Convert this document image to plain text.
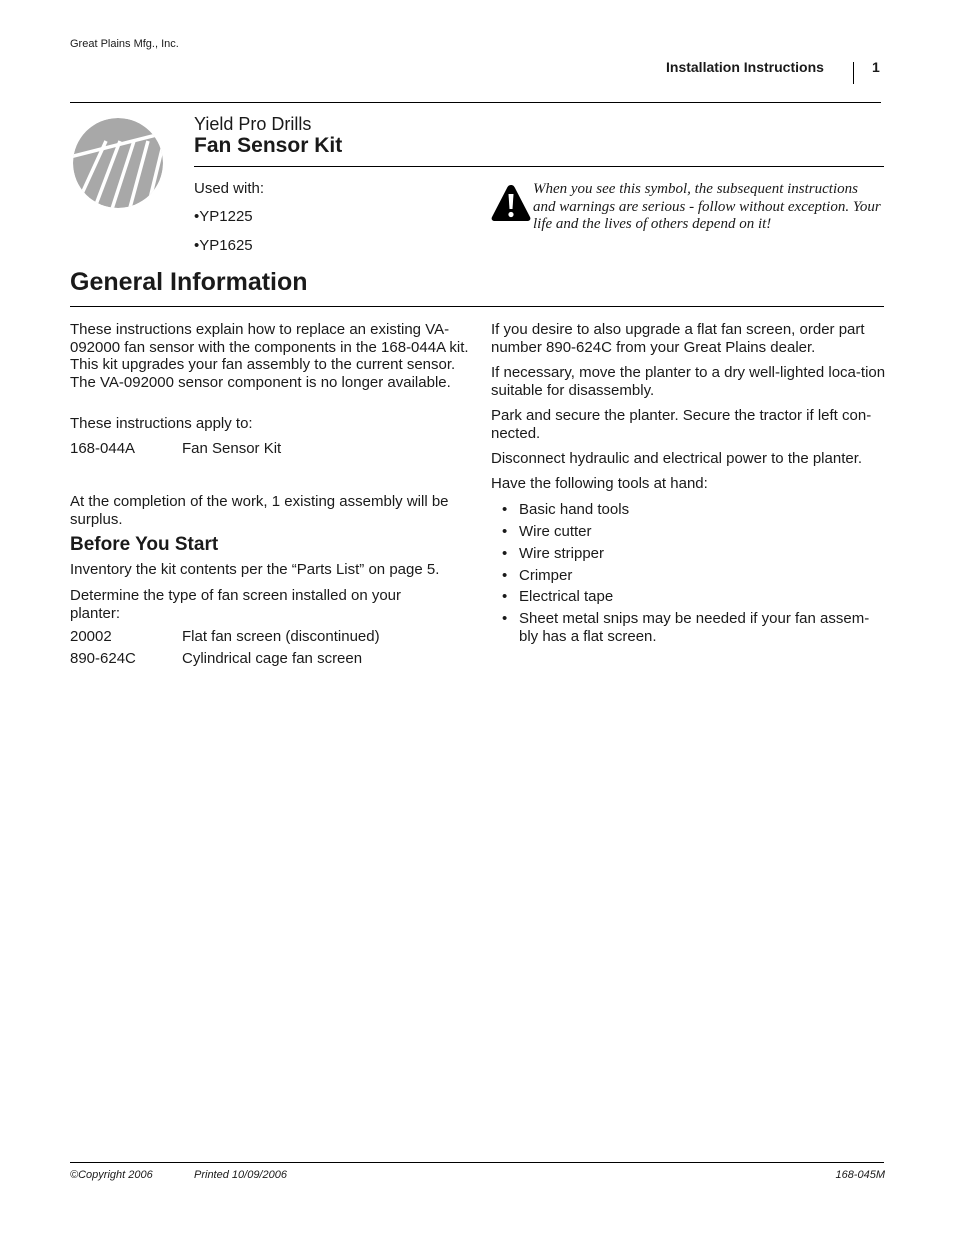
Great Plains Mfg., Inc.
Installation Instructions	1
Yield Pro Drills
Fan Sensor Kit
Used with:
•YP1225
•YP1625
When you see this symbol, the subsequent instructions and warnings are serious - follow without exception. Your life and the lives of others depend on it!
General Information
These instructions explain how to replace an existing VA-092000 fan sensor with the components in the 168-044A kit. This kit upgrades your fan assembly to the current sensor. The VA-092000 sensor component is no longer available.
These instructions apply to:
168-044A	Fan Sensor Kit
At the completion of the work, 1 existing assembly will be surplus.
Before You Start
Inventory the kit contents per the “Parts List” on page 5.
Determine the type of fan screen installed on your planter:
20002	Flat fan screen (discontinued)
890-624C	Cylindrical cage fan screen
If you desire to also upgrade a flat fan screen, order part number 890-624C from your Great Plains dealer.
If necessary, move the planter to a dry well-lighted loca-tion suitable for disassembly.
Park and secure the planter. Secure the tractor if left con-nected.
Disconnect hydraulic and electrical power to the planter.
Have the following tools at hand:
• Basic hand tools
• Wire cutter
• Wire stripper
• Crimper
• Electrical tape
• Sheet metal snips may be needed if your fan assem-bly has a flat screen.
©Copyright 2006	Printed 10/09/2006	168-045M
